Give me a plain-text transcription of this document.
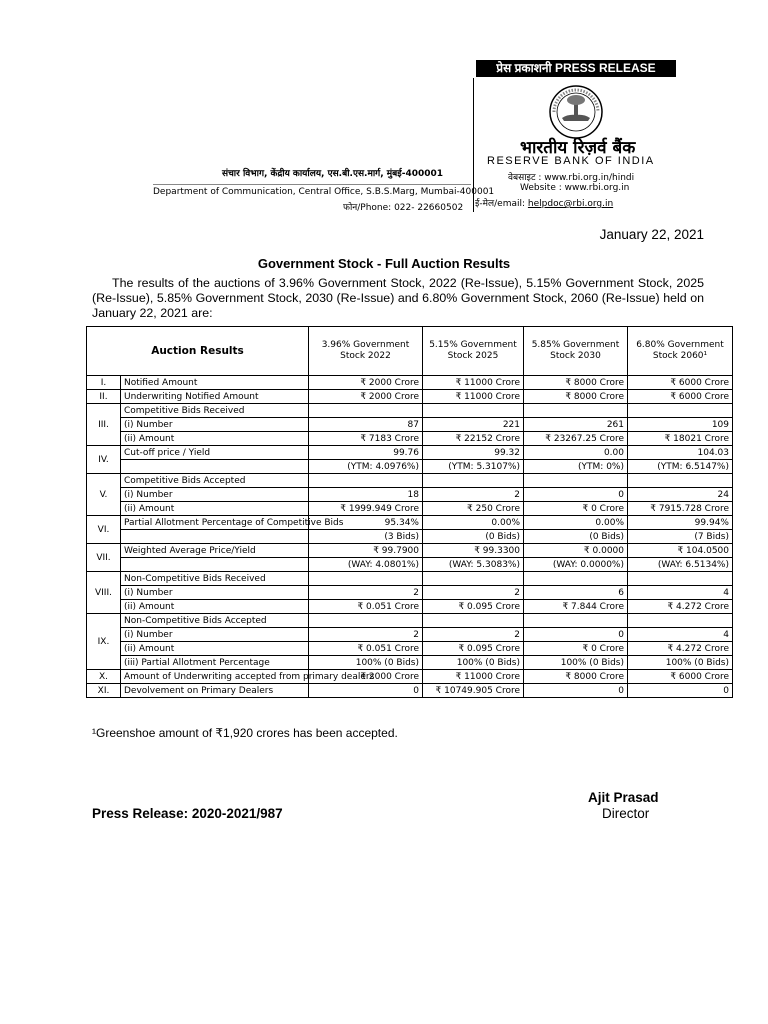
प्रेस प्रकाशनी PRESS RELEASE
भारतीय रिज़र्व बैंक
RESERVE BANK OF INDIA
संचार विभाग, केंद्रीय कार्यालय, एस.बी.एस.मार्ग, मुंबई-400001
Department of Communication, Central Office, S.B.S.Marg, Mumbai-400001
फोन/Phone: 022- 22660502
वेबसाइट : www.rbi.org.in/hindi
Website : www.rbi.org.in
ई-मेल/email: helpdoc@rbi.org.in
January 22, 2021
Government Stock - Full Auction Results
The results of the auctions of 3.96% Government Stock, 2022 (Re-Issue), 5.15% Government Stock, 2025 (Re-Issue), 5.85% Government Stock, 2030 (Re-Issue) and 6.80% Government Stock, 2060 (Re-Issue) held on January 22, 2021 are:
Auction Results		3.96% Government Stock 2022	5.15% Government Stock 2025	5.85% Government Stock 2030	6.80% Government Stock 2060¹
I.	Notified Amount	₹ 2000 Crore	₹ 11000 Crore	₹ 8000 Crore	₹ 6000 Crore
II.	Underwriting Notified Amount	₹ 2000 Crore	₹ 11000 Crore	₹ 8000 Crore	₹ 6000 Crore
III.	Competitive Bids Received				
	(i) Number	87	221	261	109
	(ii) Amount	₹ 7183 Crore	₹ 22152 Crore	₹ 23267.25 Crore	₹ 18021 Crore
IV.	Cut-off price / Yield	99.76	99.32	0.00	104.03
		(YTM: 4.0976%)	(YTM: 5.3107%)	(YTM: 0%)	(YTM: 6.5147%)
V.	Competitive Bids Accepted				
	(i) Number	18	2	0	24
	(ii) Amount	₹ 1999.949 Crore	₹ 250 Crore	₹ 0 Crore	₹ 7915.728 Crore
VI.	Partial Allotment Percentage of Competitive Bids	95.34%	0.00%	0.00%	99.94%
		(3 Bids)	(0 Bids)	(0 Bids)	(7 Bids)
VII.	Weighted Average Price/Yield	₹ 99.7900	₹ 99.3300	₹ 0.0000	₹ 104.0500
		(WAY: 4.0801%)	(WAY: 5.3083%)	(WAY: 0.0000%)	(WAY: 6.5134%)
VIII.	Non-Competitive Bids Received				
	(i) Number	2	2	6	4
	(ii) Amount	₹ 0.051 Crore	₹ 0.095 Crore	₹ 7.844 Crore	₹ 4.272 Crore
IX.	Non-Competitive Bids Accepted				
	(i) Number	2	2	0	4
	(ii) Amount	₹ 0.051 Crore	₹ 0.095 Crore	₹ 0 Crore	₹ 4.272 Crore
	(iii) Partial Allotment Percentage	100% (0 Bids)	100% (0 Bids)	100% (0 Bids)	100% (0 Bids)
X.	Amount of Underwriting accepted from primary dealers	₹ 2000 Crore	₹ 11000 Crore	₹ 8000 Crore	₹ 6000 Crore
XI.	Devolvement on Primary Dealers	0	₹ 10749.905 Crore	0	0
¹Greenshoe amount of ₹1,920 crores has been accepted.
Press Release: 2020-2021/987
Ajit Prasad
Director
